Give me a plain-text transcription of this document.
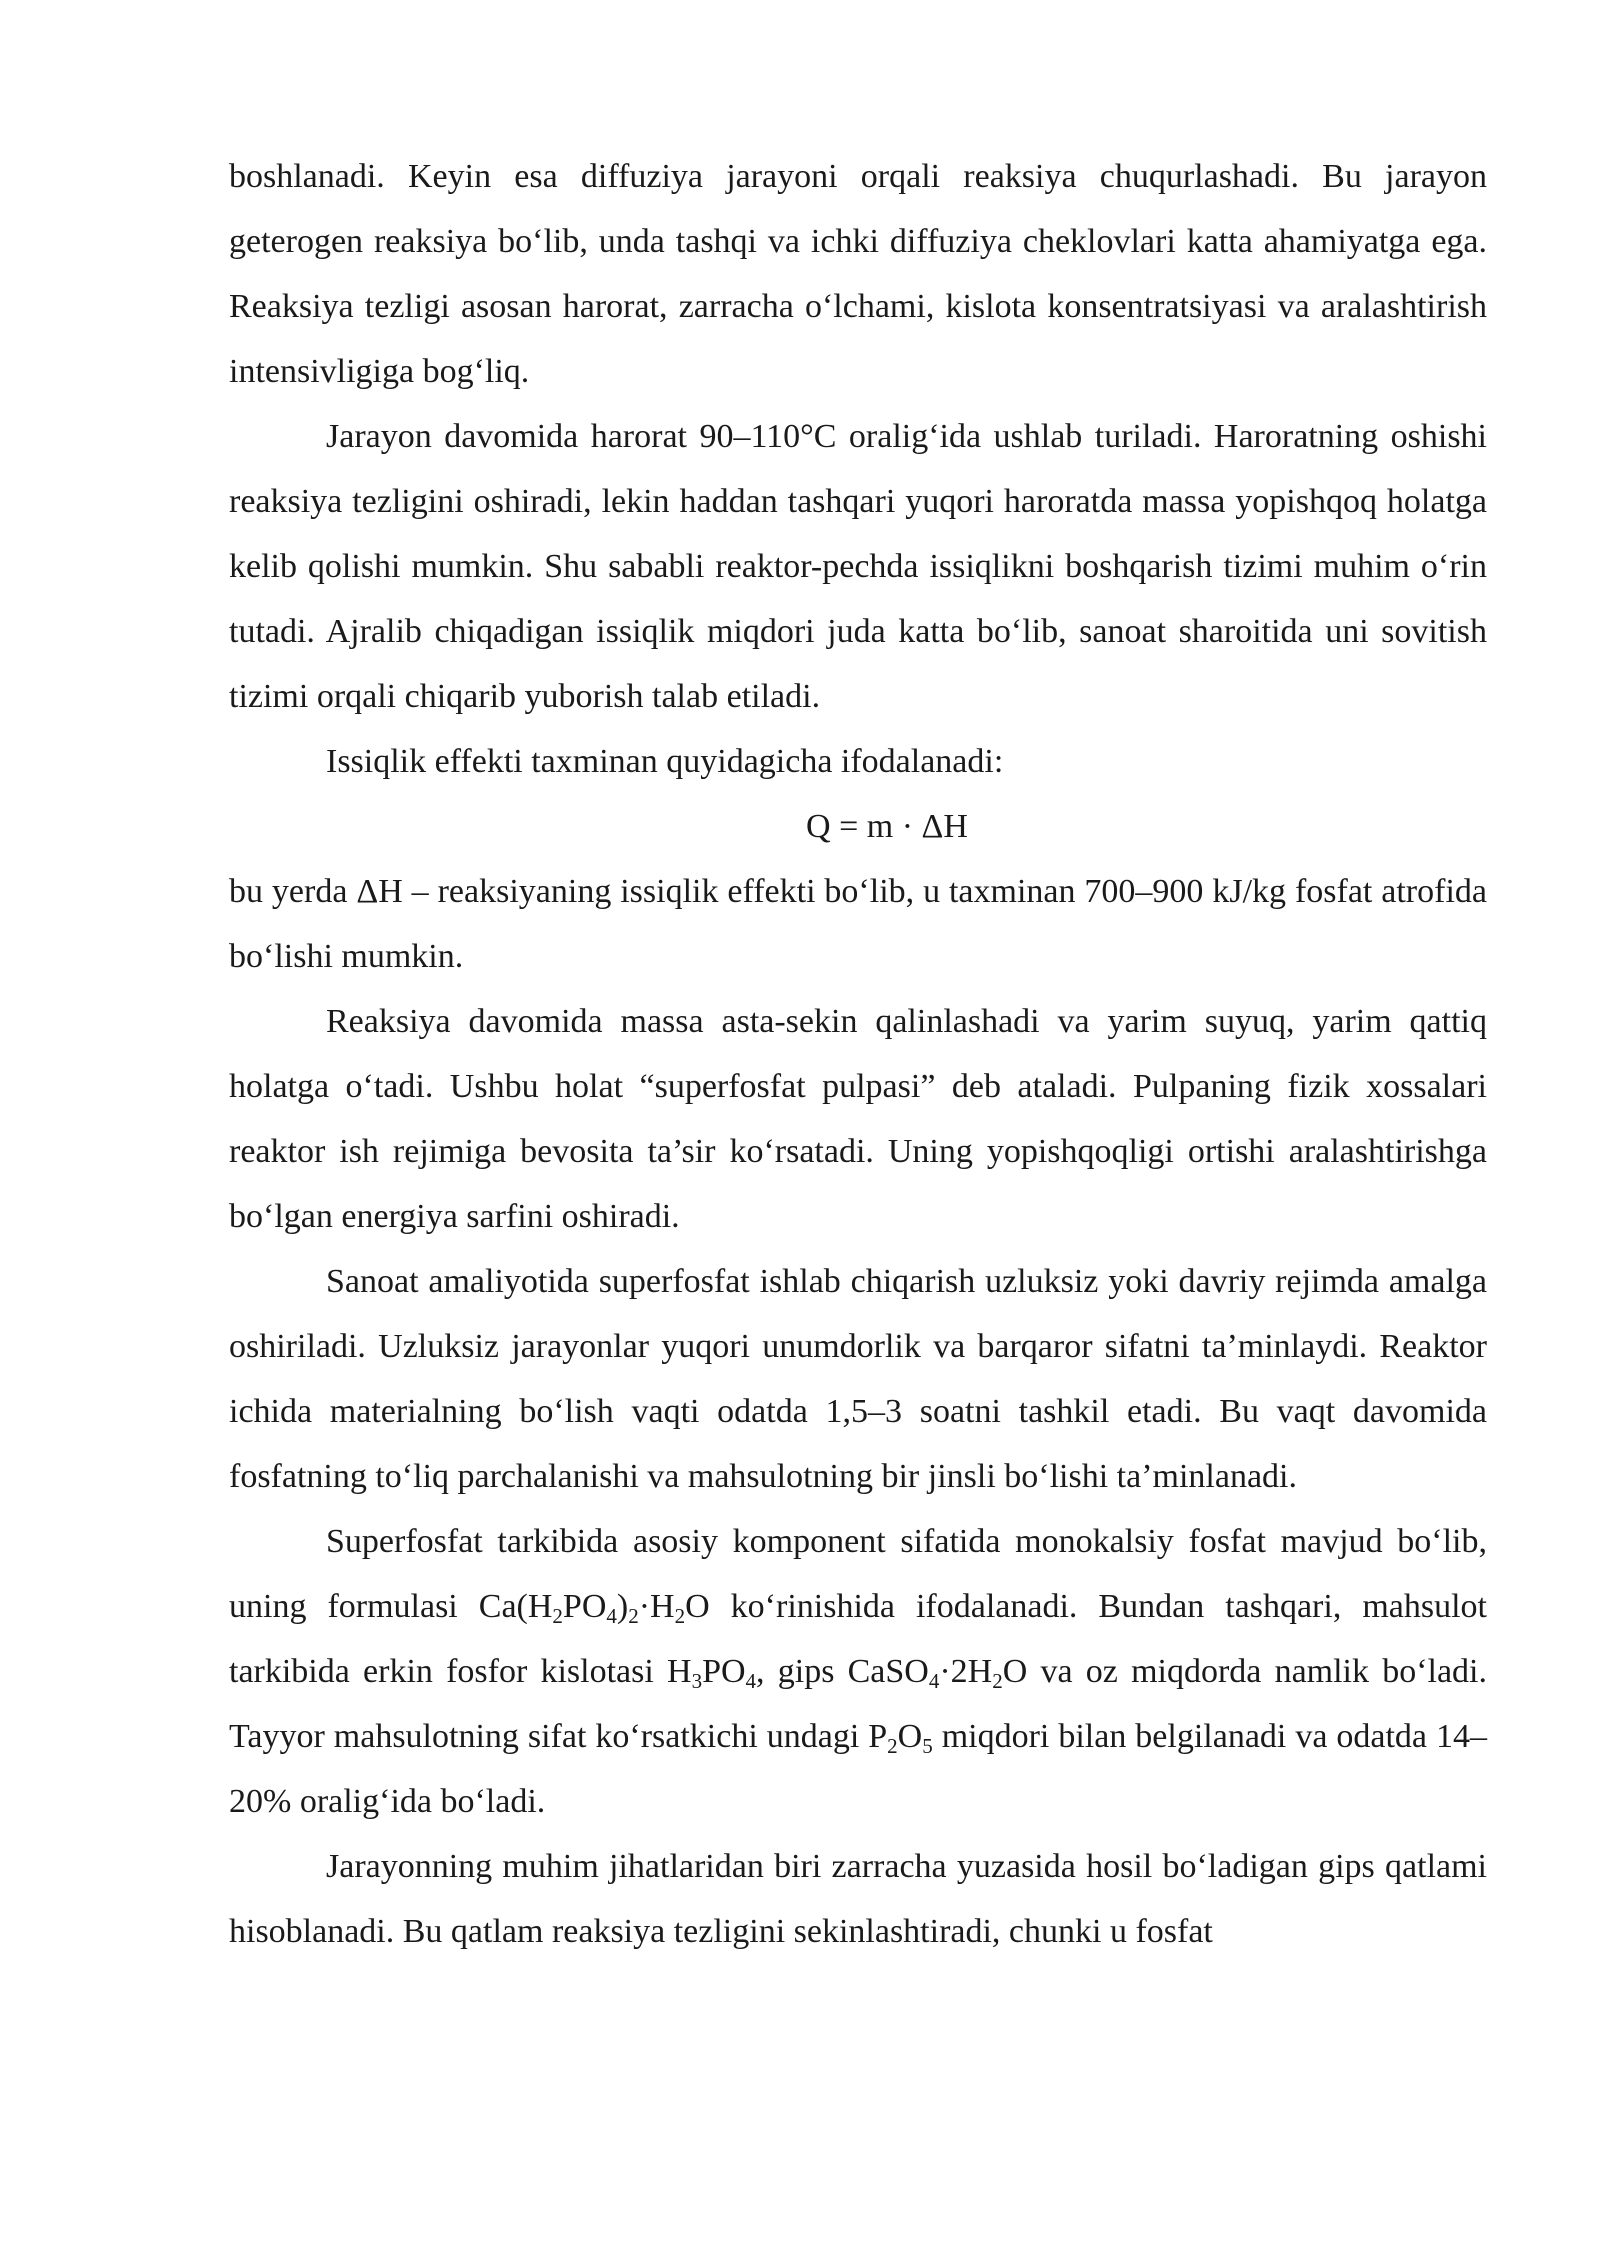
boshlanadi. Keyin esa diffuziya jarayoni orqali reaksiya chuqurlashadi. Bu jarayon geterogen reaksiya bo‘lib, unda tashqi va ichki diffuziya cheklovlari katta ahamiyatga ega. Reaksiya tezligi asosan harorat, zarracha o‘lchami, kislota konsentratsiyasi va aralashtirish intensivligiga bog‘liq.

Jarayon davomida harorat 90–110°C oralig‘ida ushlab turiladi. Haroratning oshishi reaksiya tezligini oshiradi, lekin haddan tashqari yuqori haroratda massa yopishqoq holatga kelib qolishi mumkin. Shu sababli reaktor-pechda issiqlikni boshqarish tizimi muhim o‘rin tutadi. Ajralib chiqadigan issiqlik miqdori juda katta bo‘lib, sanoat sharoitida uni sovitish tizimi orqali chiqarib yuborish talab etiladi.

Issiqlik effekti taxminan quyidagicha ifodalanadi:

Q = m · ΔH

bu yerda ΔH – reaksiyaning issiqlik effekti bo‘lib, u taxminan 700–900 kJ/kg fosfat atrofida bo‘lishi mumkin.

Reaksiya davomida massa asta-sekin qalinlashadi va yarim suyuq, yarim qattiq holatga o‘tadi. Ushbu holat “superfosfat pulpasi” deb ataladi. Pulpaning fizik xossalari reaktor ish rejimiga bevosita ta’sir ko‘rsatadi. Uning yopishqoqligi ortishi aralashtirishga bo‘lgan energiya sarfini oshiradi.

Sanoat amaliyotida superfosfat ishlab chiqarish uzluksiz yoki davriy rejimda amalga oshiriladi. Uzluksiz jarayonlar yuqori unumdorlik va barqaror sifatni ta’minlaydi. Reaktor ichida materialning bo‘lish vaqti odatda 1,5–3 soatni tashkil etadi. Bu vaqt davomida fosfatning to‘liq parchalanishi va mahsulotning bir jinsli bo‘lishi ta’minlanadi.

Superfosfat tarkibida asosiy komponent sifatida monokalsiy fosfat mavjud bo‘lib, uning formulasi $Ca(H_2PO_4)_2\cdot H_2O$ ko‘rinishida ifodalanadi. Bundan tashqari, mahsulot tarkibida erkin fosfor kislotasi $H_3PO_4$, gips $CaSO_4\cdot 2H_2O$ va oz miqdorda namlik bo‘ladi. Tayyor mahsulotning sifat ko‘rsatkichi undagi $P_2O_5$ miqdori bilan belgilanadi va odatda 14–20% oralig‘ida bo‘ladi.

Jarayonning muhim jihatlaridan biri zarracha yuzasida hosil bo‘ladigan gips qatlami hisoblanadi. Bu qatlam reaksiya tezligini sekinlashtiradi, chunki u fosfat
